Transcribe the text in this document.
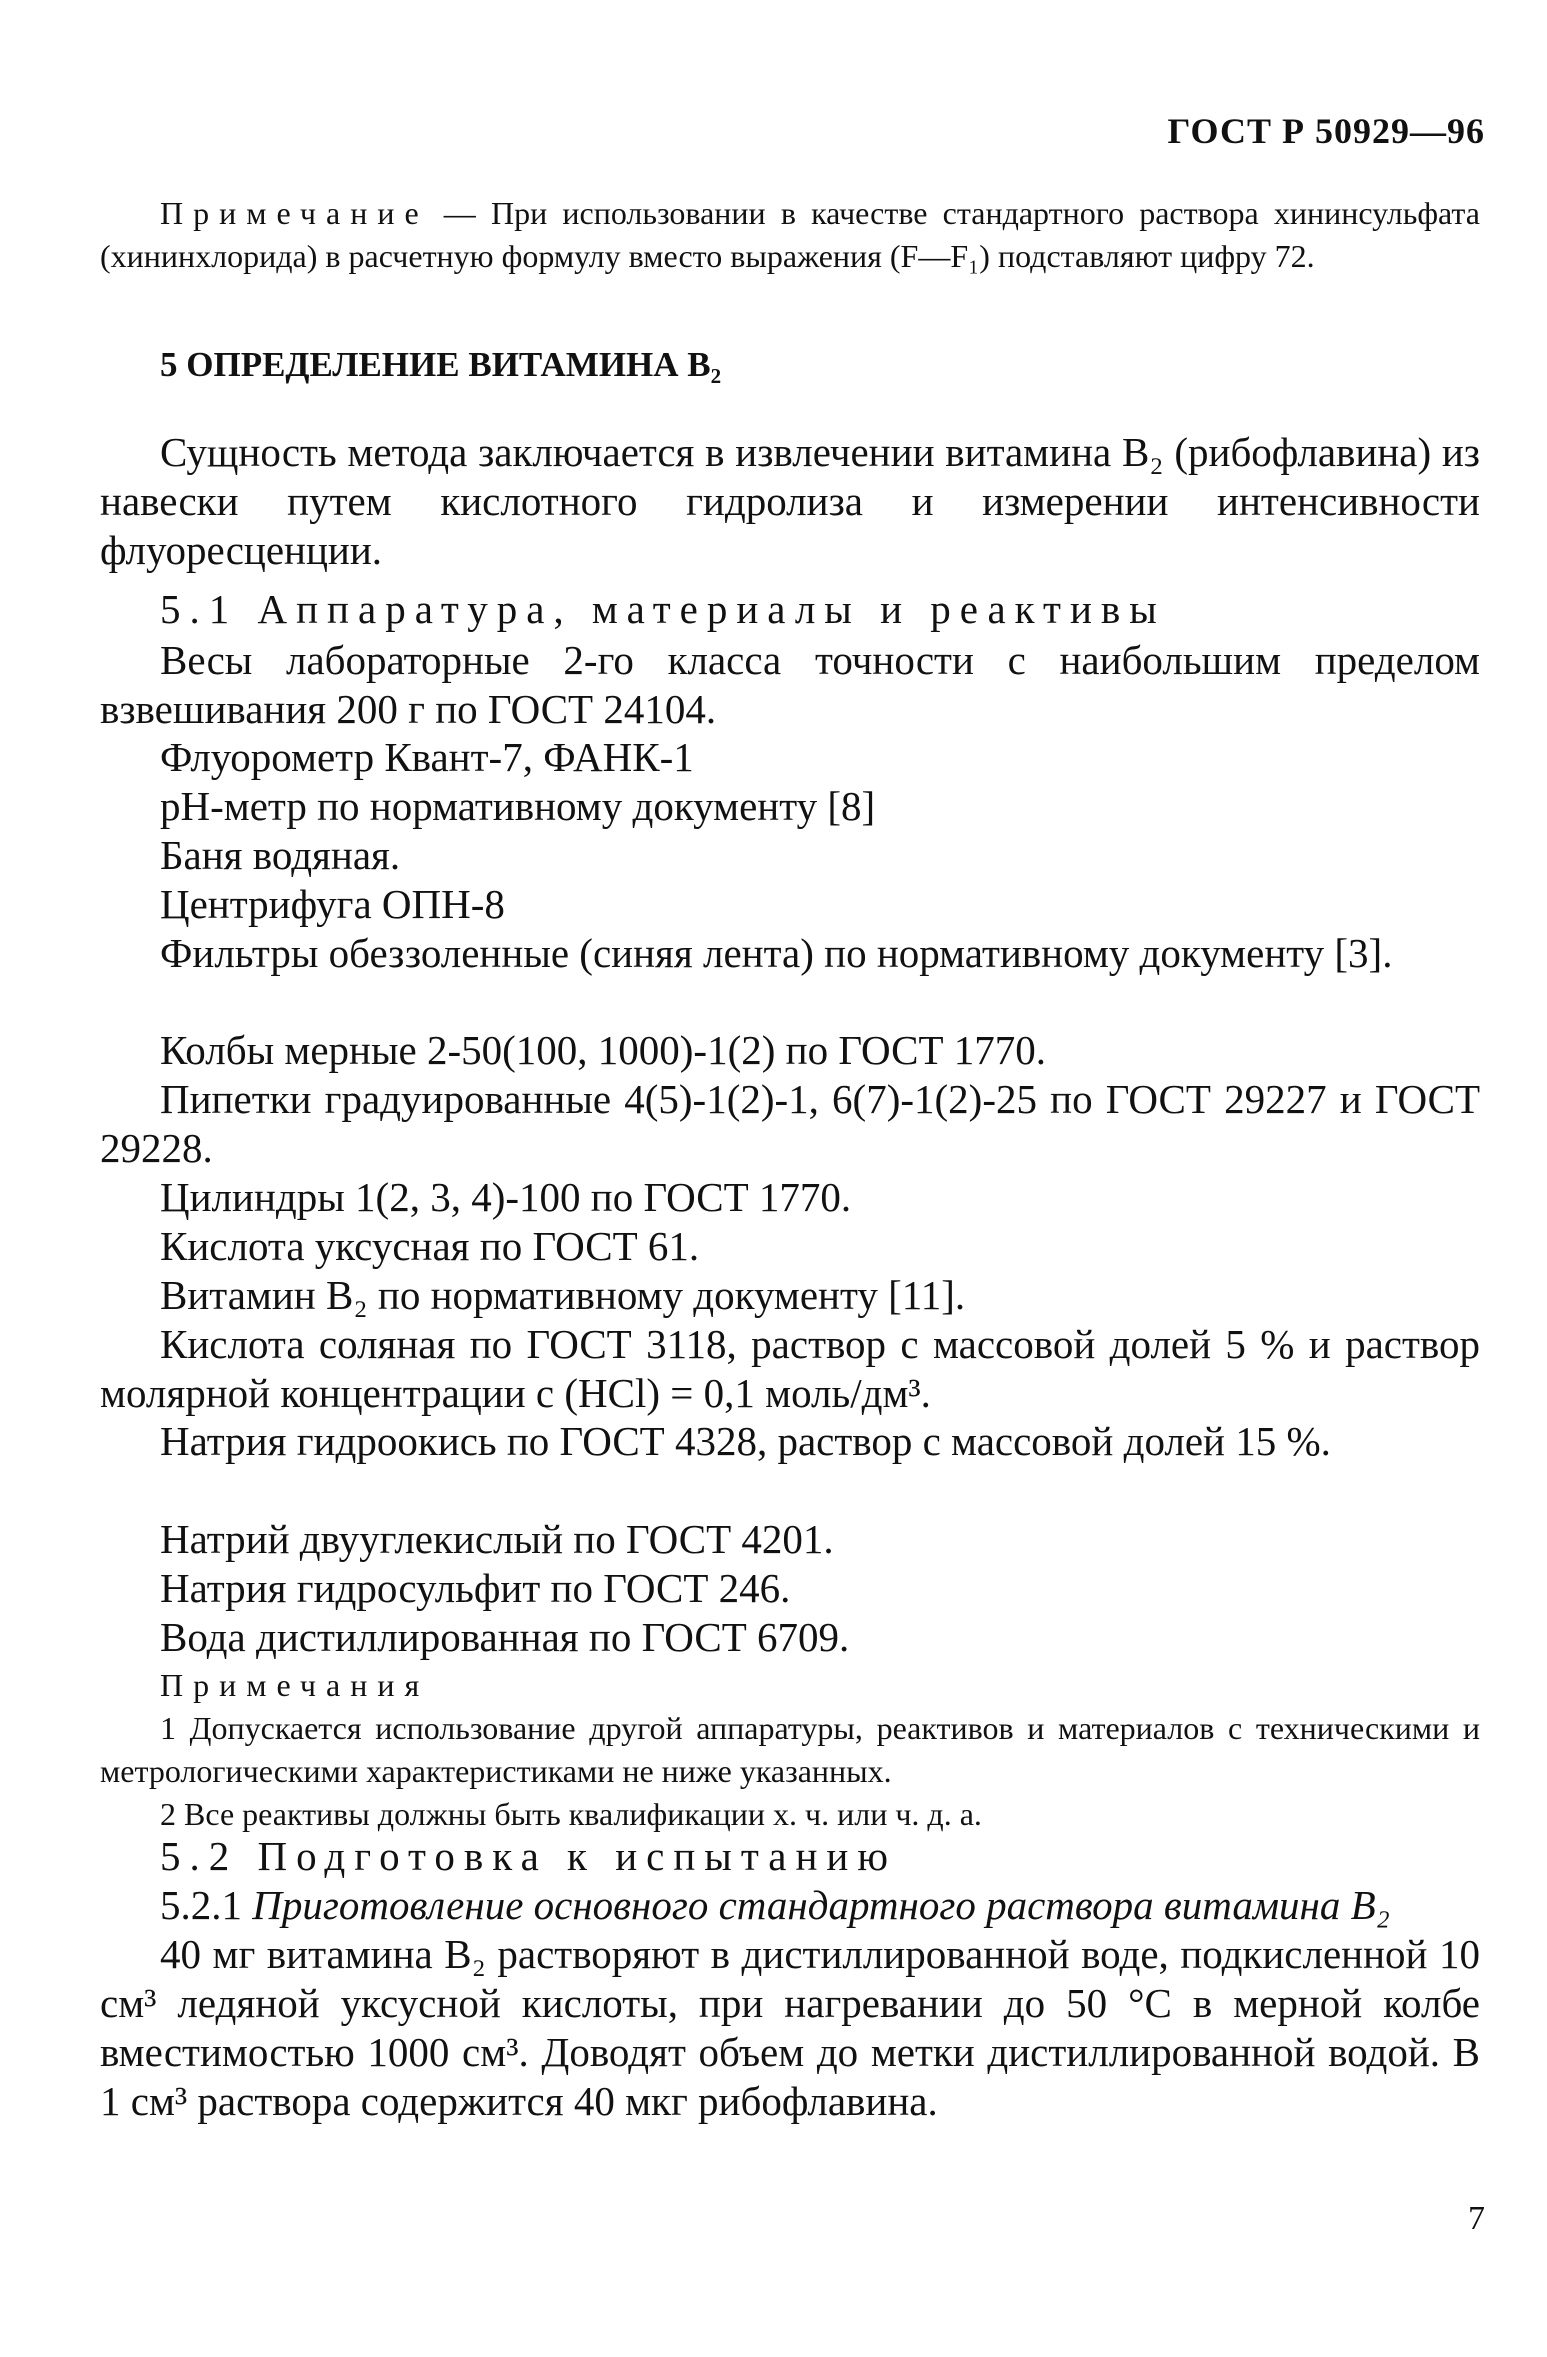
ГОСТ Р 50929—96
Примечание — При использовании в качестве стандартного раствора хининсульфата (хининхлорида) в расчетную формулу вместо выражения (F—F₁) подставляют цифру 72.
5 ОПРЕДЕЛЕНИЕ ВИТАМИНА В₂
Сущность метода заключается в извлечении витамина В₂ (рибофлавина) из навески путем кислотного гидролиза и измерении интенсивности флуоресценции.
5.1 Аппаратура, материалы и реактивы
Весы лабораторные 2-го класса точности с наибольшим пределом взвешивания 200 г по ГОСТ 24104.
Флуорометр Квант-7, ФАНК-1
pH-метр по нормативному документу [8]
Баня водяная.
Центрифуга ОПН-8
Фильтры обеззоленные (синяя лента) по нормативному документу [3].
Колбы мерные 2-50(100, 1000)-1(2) по ГОСТ 1770.
Пипетки градуированные 4(5)-1(2)-1, 6(7)-1(2)-25 по ГОСТ 29227 и ГОСТ 29228.
Цилиндры 1(2, 3, 4)-100 по ГОСТ 1770.
Кислота уксусная по ГОСТ 61.
Витамин В₂ по нормативному документу [11].
Кислота соляная по ГОСТ 3118, раствор с массовой долей 5 % и раствор молярной концентрации c (HCl) = 0,1 моль/дм³.
Натрия гидроокись по ГОСТ 4328, раствор с массовой долей 15 %.
Натрий двууглекислый по ГОСТ 4201.
Натрия гидросульфит по ГОСТ 246.
Вода дистиллированная по ГОСТ 6709.
Примечания
1 Допускается использование другой аппаратуры, реактивов и материалов с техническими и метрологическими характеристиками не ниже указанных.
2 Все реактивы должны быть квалификации х. ч. или ч. д. а.
5.2 Подготовка к испытанию
5.2.1 Приготовление основного стандартного раствора витамина B₂
40 мг витамина В₂ растворяют в дистиллированной воде, подкисленной 10 см³ ледяной уксусной кислоты, при нагревании до 50 °С в мерной колбе вместимостью 1000 см³. Доводят объем до метки дистиллированной водой. В 1 см³ раствора содержится 40 мкг рибофлавина.
7
